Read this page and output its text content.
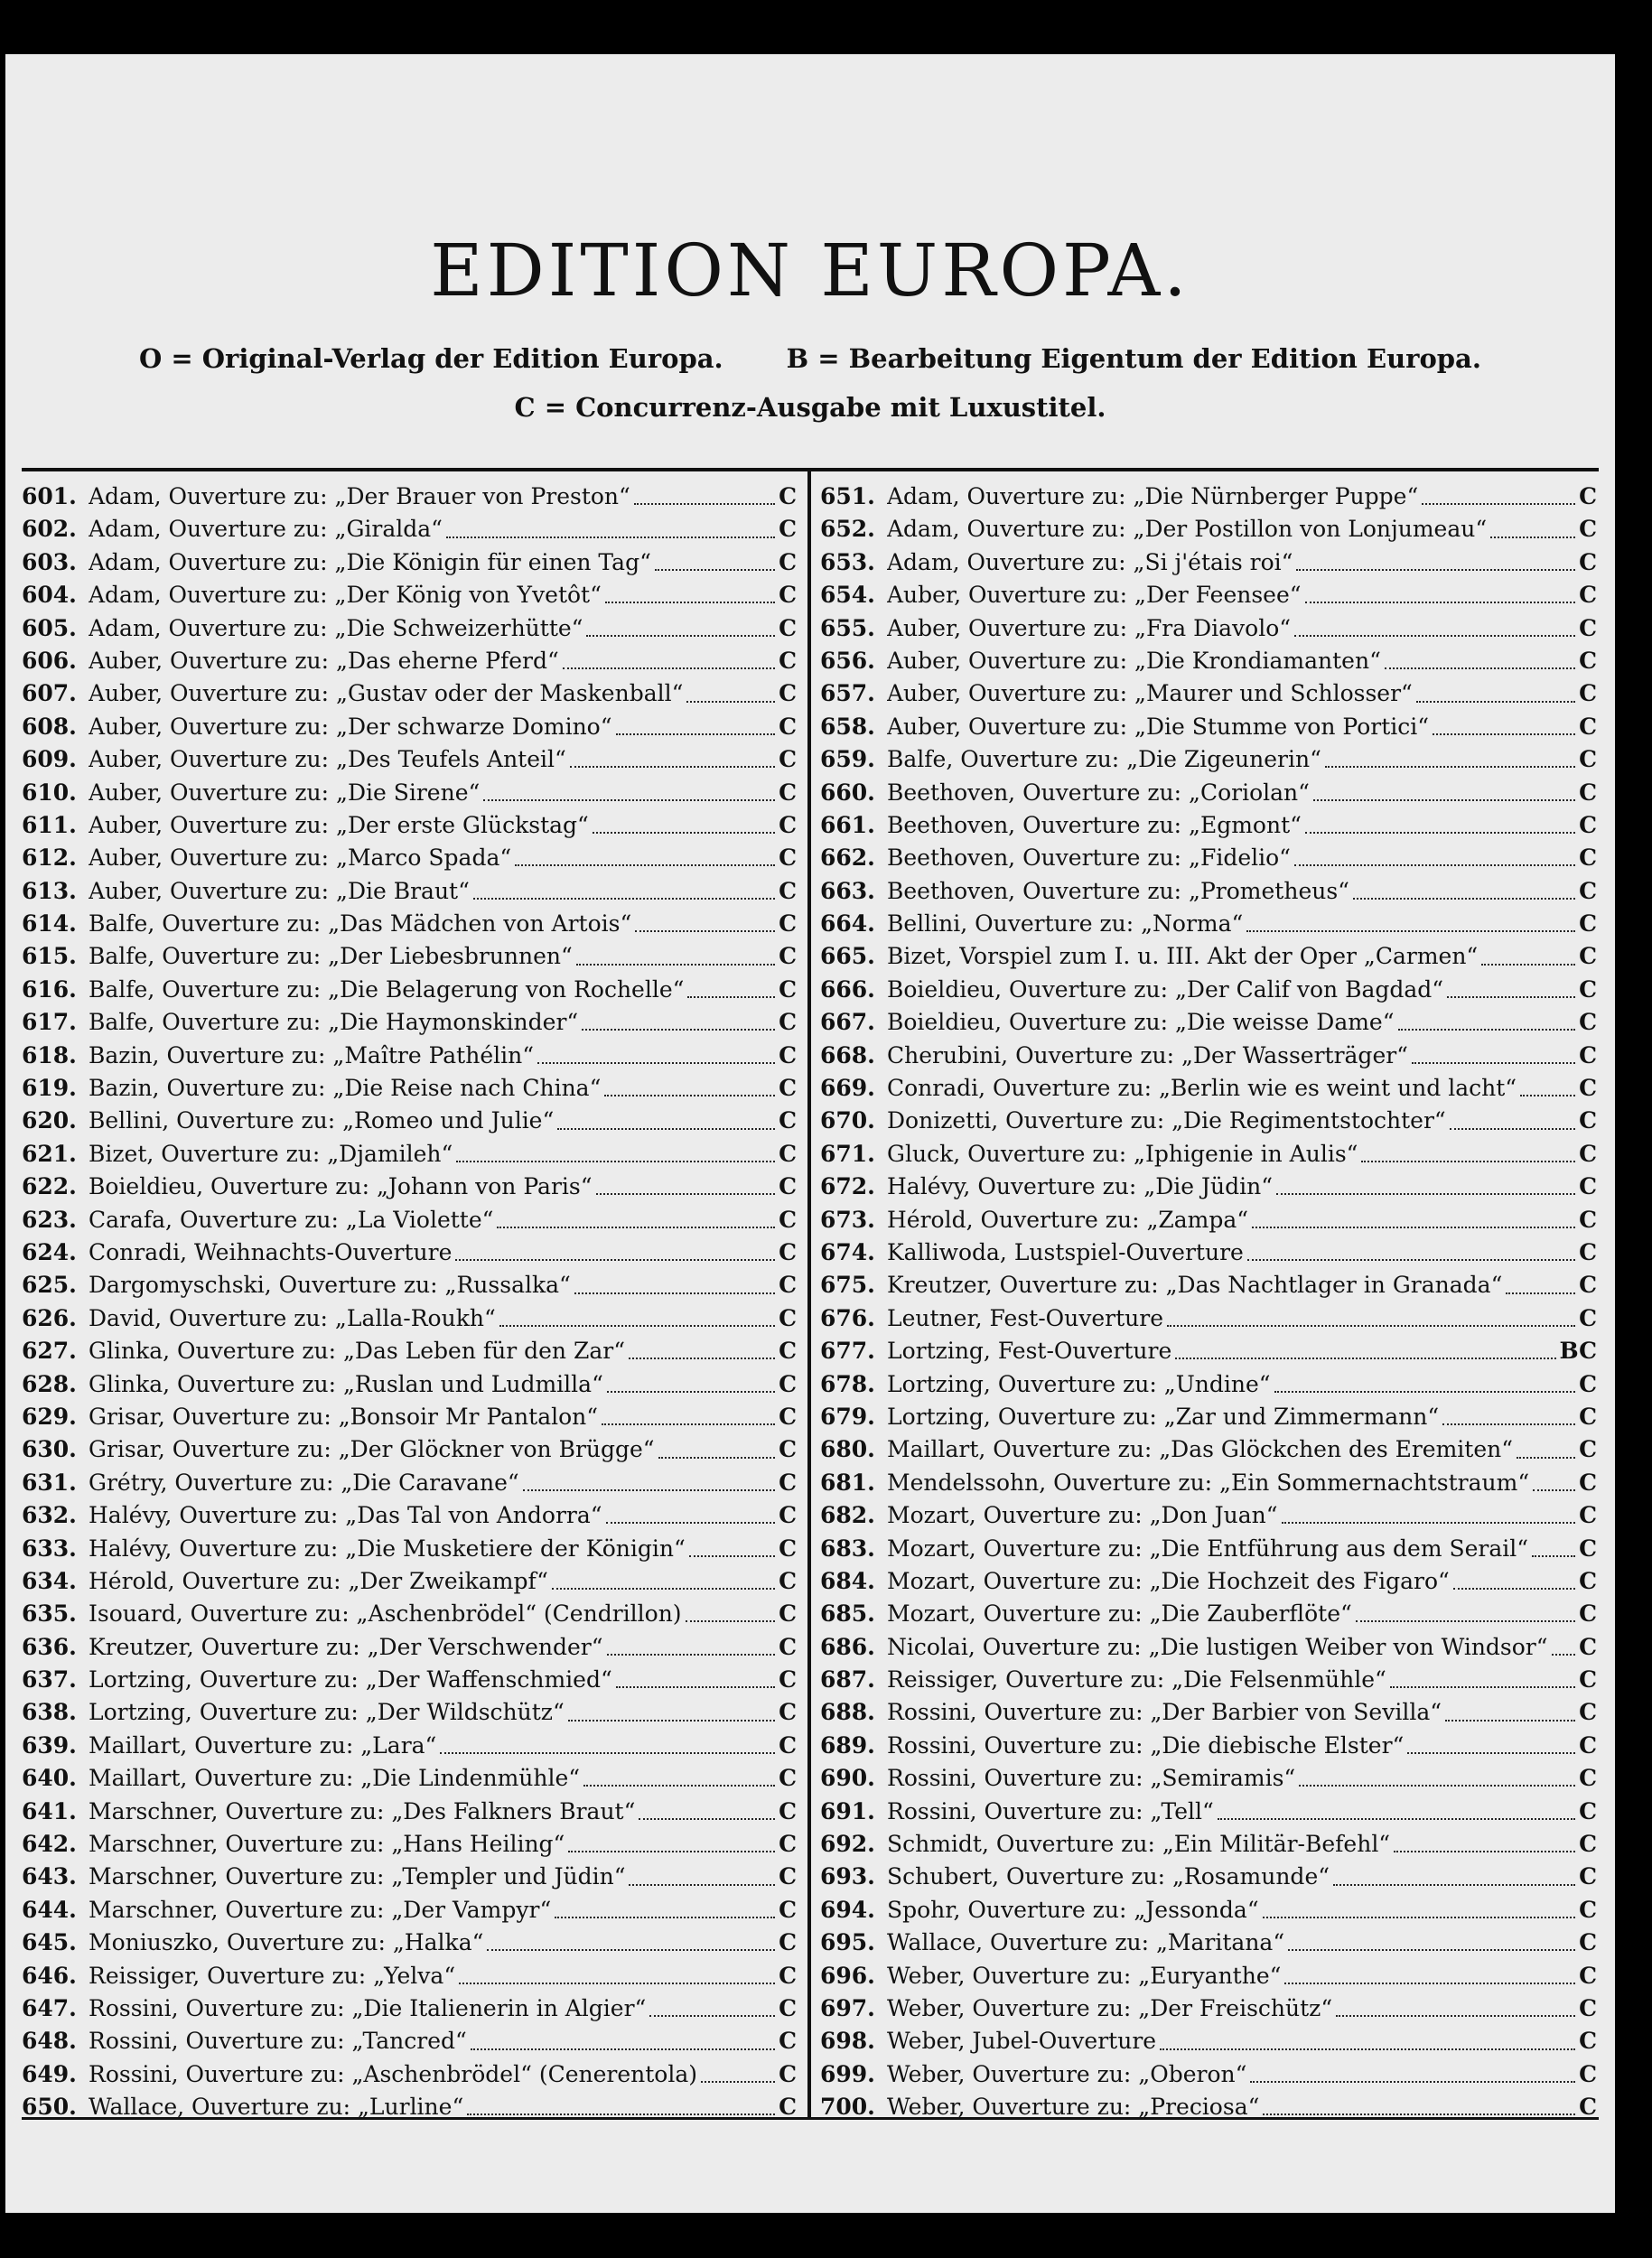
EDITION EUROPA.
O = Original-Verlag der Edition Europa. B = Bearbeitung Eigentum der Edition Europa.
C = Concurrenz-Ausgabe mit Luxustitel.
601. Adam, Ouverture zu: „Der Brauer von Preston“	C
602. Adam, Ouverture zu: „Giralda“	C
603. Adam, Ouverture zu: „Die Königin für einen Tag“	C
604. Adam, Ouverture zu: „Der König von Yvetôt“	C
605. Adam, Ouverture zu: „Die Schweizerhütte“	C
606. Auber, Ouverture zu: „Das eherne Pferd“	C
607. Auber, Ouverture zu: „Gustav oder der Maskenball“	C
608. Auber, Ouverture zu: „Der schwarze Domino“	C
609. Auber, Ouverture zu: „Des Teufels Anteil“	C
610. Auber, Ouverture zu: „Die Sirene“	C
611. Auber, Ouverture zu: „Der erste Glückstag“	C
612. Auber, Ouverture zu: „Marco Spada“	C
613. Auber, Ouverture zu: „Die Braut“	C
614. Balfe, Ouverture zu: „Das Mädchen von Artois“	C
615. Balfe, Ouverture zu: „Der Liebesbrunnen“	C
616. Balfe, Ouverture zu: „Die Belagerung von Rochelle“	C
617. Balfe, Ouverture zu: „Die Haymonskinder“	C
618. Bazin, Ouverture zu: „Maître Pathélin“	C
619. Bazin, Ouverture zu: „Die Reise nach China“	C
620. Bellini, Ouverture zu: „Romeo und Julie“	C
621. Bizet, Ouverture zu: „Djamileh“	C
622. Boieldieu, Ouverture zu: „Johann von Paris“	C
623. Carafa, Ouverture zu: „La Violette“	C
624. Conradi, Weihnachts-Ouverture	C
625. Dargomyschski, Ouverture zu: „Russalka“	C
626. David, Ouverture zu: „Lalla-Roukh“	C
627. Glinka, Ouverture zu: „Das Leben für den Zar“	C
628. Glinka, Ouverture zu: „Ruslan und Ludmilla“	C
629. Grisar, Ouverture zu: „Bonsoir Mr Pantalon“	C
630. Grisar, Ouverture zu: „Der Glöckner von Brügge“	C
631. Grétry, Ouverture zu: „Die Caravane“	C
632. Halévy, Ouverture zu: „Das Tal von Andorra“	C
633. Halévy, Ouverture zu: „Die Musketiere der Königin“	C
634. Hérold, Ouverture zu: „Der Zweikampf“	C
635. Isouard, Ouverture zu: „Aschenbrödel“ (Cendrillon)	C
636. Kreutzer, Ouverture zu: „Der Verschwender“	C
637. Lortzing, Ouverture zu: „Der Waffenschmied“	C
638. Lortzing, Ouverture zu: „Der Wildschütz“	C
639. Maillart, Ouverture zu: „Lara“	C
640. Maillart, Ouverture zu: „Die Lindenmühle“	C
641. Marschner, Ouverture zu: „Des Falkners Braut“	C
642. Marschner, Ouverture zu: „Hans Heiling“	C
643. Marschner, Ouverture zu: „Templer und Jüdin“	C
644. Marschner, Ouverture zu: „Der Vampyr“	C
645. Moniuszko, Ouverture zu: „Halka“	C
646. Reissiger, Ouverture zu: „Yelva“	C
647. Rossini, Ouverture zu: „Die Italienerin in Algier“	C
648. Rossini, Ouverture zu: „Tancred“	C
649. Rossini, Ouverture zu: „Aschenbrödel“ (Cenerentola)	C
650. Wallace, Ouverture zu: „Lurline“	C
651. Adam, Ouverture zu: „Die Nürnberger Puppe“	C
652. Adam, Ouverture zu: „Der Postillon von Lonjumeau“	C
653. Adam, Ouverture zu: „Si j'étais roi“	C
654. Auber, Ouverture zu: „Der Feensee“	C
655. Auber, Ouverture zu: „Fra Diavolo“	C
656. Auber, Ouverture zu: „Die Krondiamanten“	C
657. Auber, Ouverture zu: „Maurer und Schlosser“	C
658. Auber, Ouverture zu: „Die Stumme von Portici“	C
659. Balfe, Ouverture zu: „Die Zigeunerin“	C
660. Beethoven, Ouverture zu: „Coriolan“	C
661. Beethoven, Ouverture zu: „Egmont“	C
662. Beethoven, Ouverture zu: „Fidelio“	C
663. Beethoven, Ouverture zu: „Prometheus“	C
664. Bellini, Ouverture zu: „Norma“	C
665. Bizet, Vorspiel zum I. u. III. Akt der Oper „Carmen“	C
666. Boieldieu, Ouverture zu: „Der Calif von Bagdad“	C
667. Boieldieu, Ouverture zu: „Die weisse Dame“	C
668. Cherubini, Ouverture zu: „Der Wasserträger“	C
669. Conradi, Ouverture zu: „Berlin wie es weint und lacht“	C
670. Donizetti, Ouverture zu: „Die Regimentstochter“	C
671. Gluck, Ouverture zu: „Iphigenie in Aulis“	C
672. Halévy, Ouverture zu: „Die Jüdin“	C
673. Hérold, Ouverture zu: „Zampa“	C
674. Kalliwoda, Lustspiel-Ouverture	C
675. Kreutzer, Ouverture zu: „Das Nachtlager in Granada“	C
676. Leutner, Fest-Ouverture	C
677. Lortzing, Fest-Ouverture	BC
678. Lortzing, Ouverture zu: „Undine“	C
679. Lortzing, Ouverture zu: „Zar und Zimmermann“	C
680. Maillart, Ouverture zu: „Das Glöckchen des Eremiten“	C
681. Mendelssohn, Ouverture zu: „Ein Sommernachtstraum“ C
682. Mozart, Ouverture zu: „Don Juan“	C
683. Mozart, Ouverture zu: „Die Entführung aus dem Serail“ C
684. Mozart, Ouverture zu: „Die Hochzeit des Figaro“	C
685. Mozart, Ouverture zu: „Die Zauberflöte“	C
686. Nicolai, Ouverture zu: „Die lustigen Weiber von Windsor“ C
687. Reissiger, Ouverture zu: „Die Felsenmühle“	C
688. Rossini, Ouverture zu: „Der Barbier von Sevilla“	C
689. Rossini, Ouverture zu: „Die diebische Elster“	C
690. Rossini, Ouverture zu: „Semiramis“	C
691. Rossini, Ouverture zu: „Tell“	C
692. Schmidt, Ouverture zu: „Ein Militär-Befehl“	C
693. Schubert, Ouverture zu: „Rosamunde“	C
694. Spohr, Ouverture zu: „Jessonda“	C
695. Wallace, Ouverture zu: „Maritana“	C
696. Weber, Ouverture zu: „Euryanthe“	C
697. Weber, Ouverture zu: „Der Freischütz“	C
698. Weber, Jubel-Ouverture	C
699. Weber, Ouverture zu: „Oberon“	C
700. Weber, Ouverture zu: „Preciosa“	C
